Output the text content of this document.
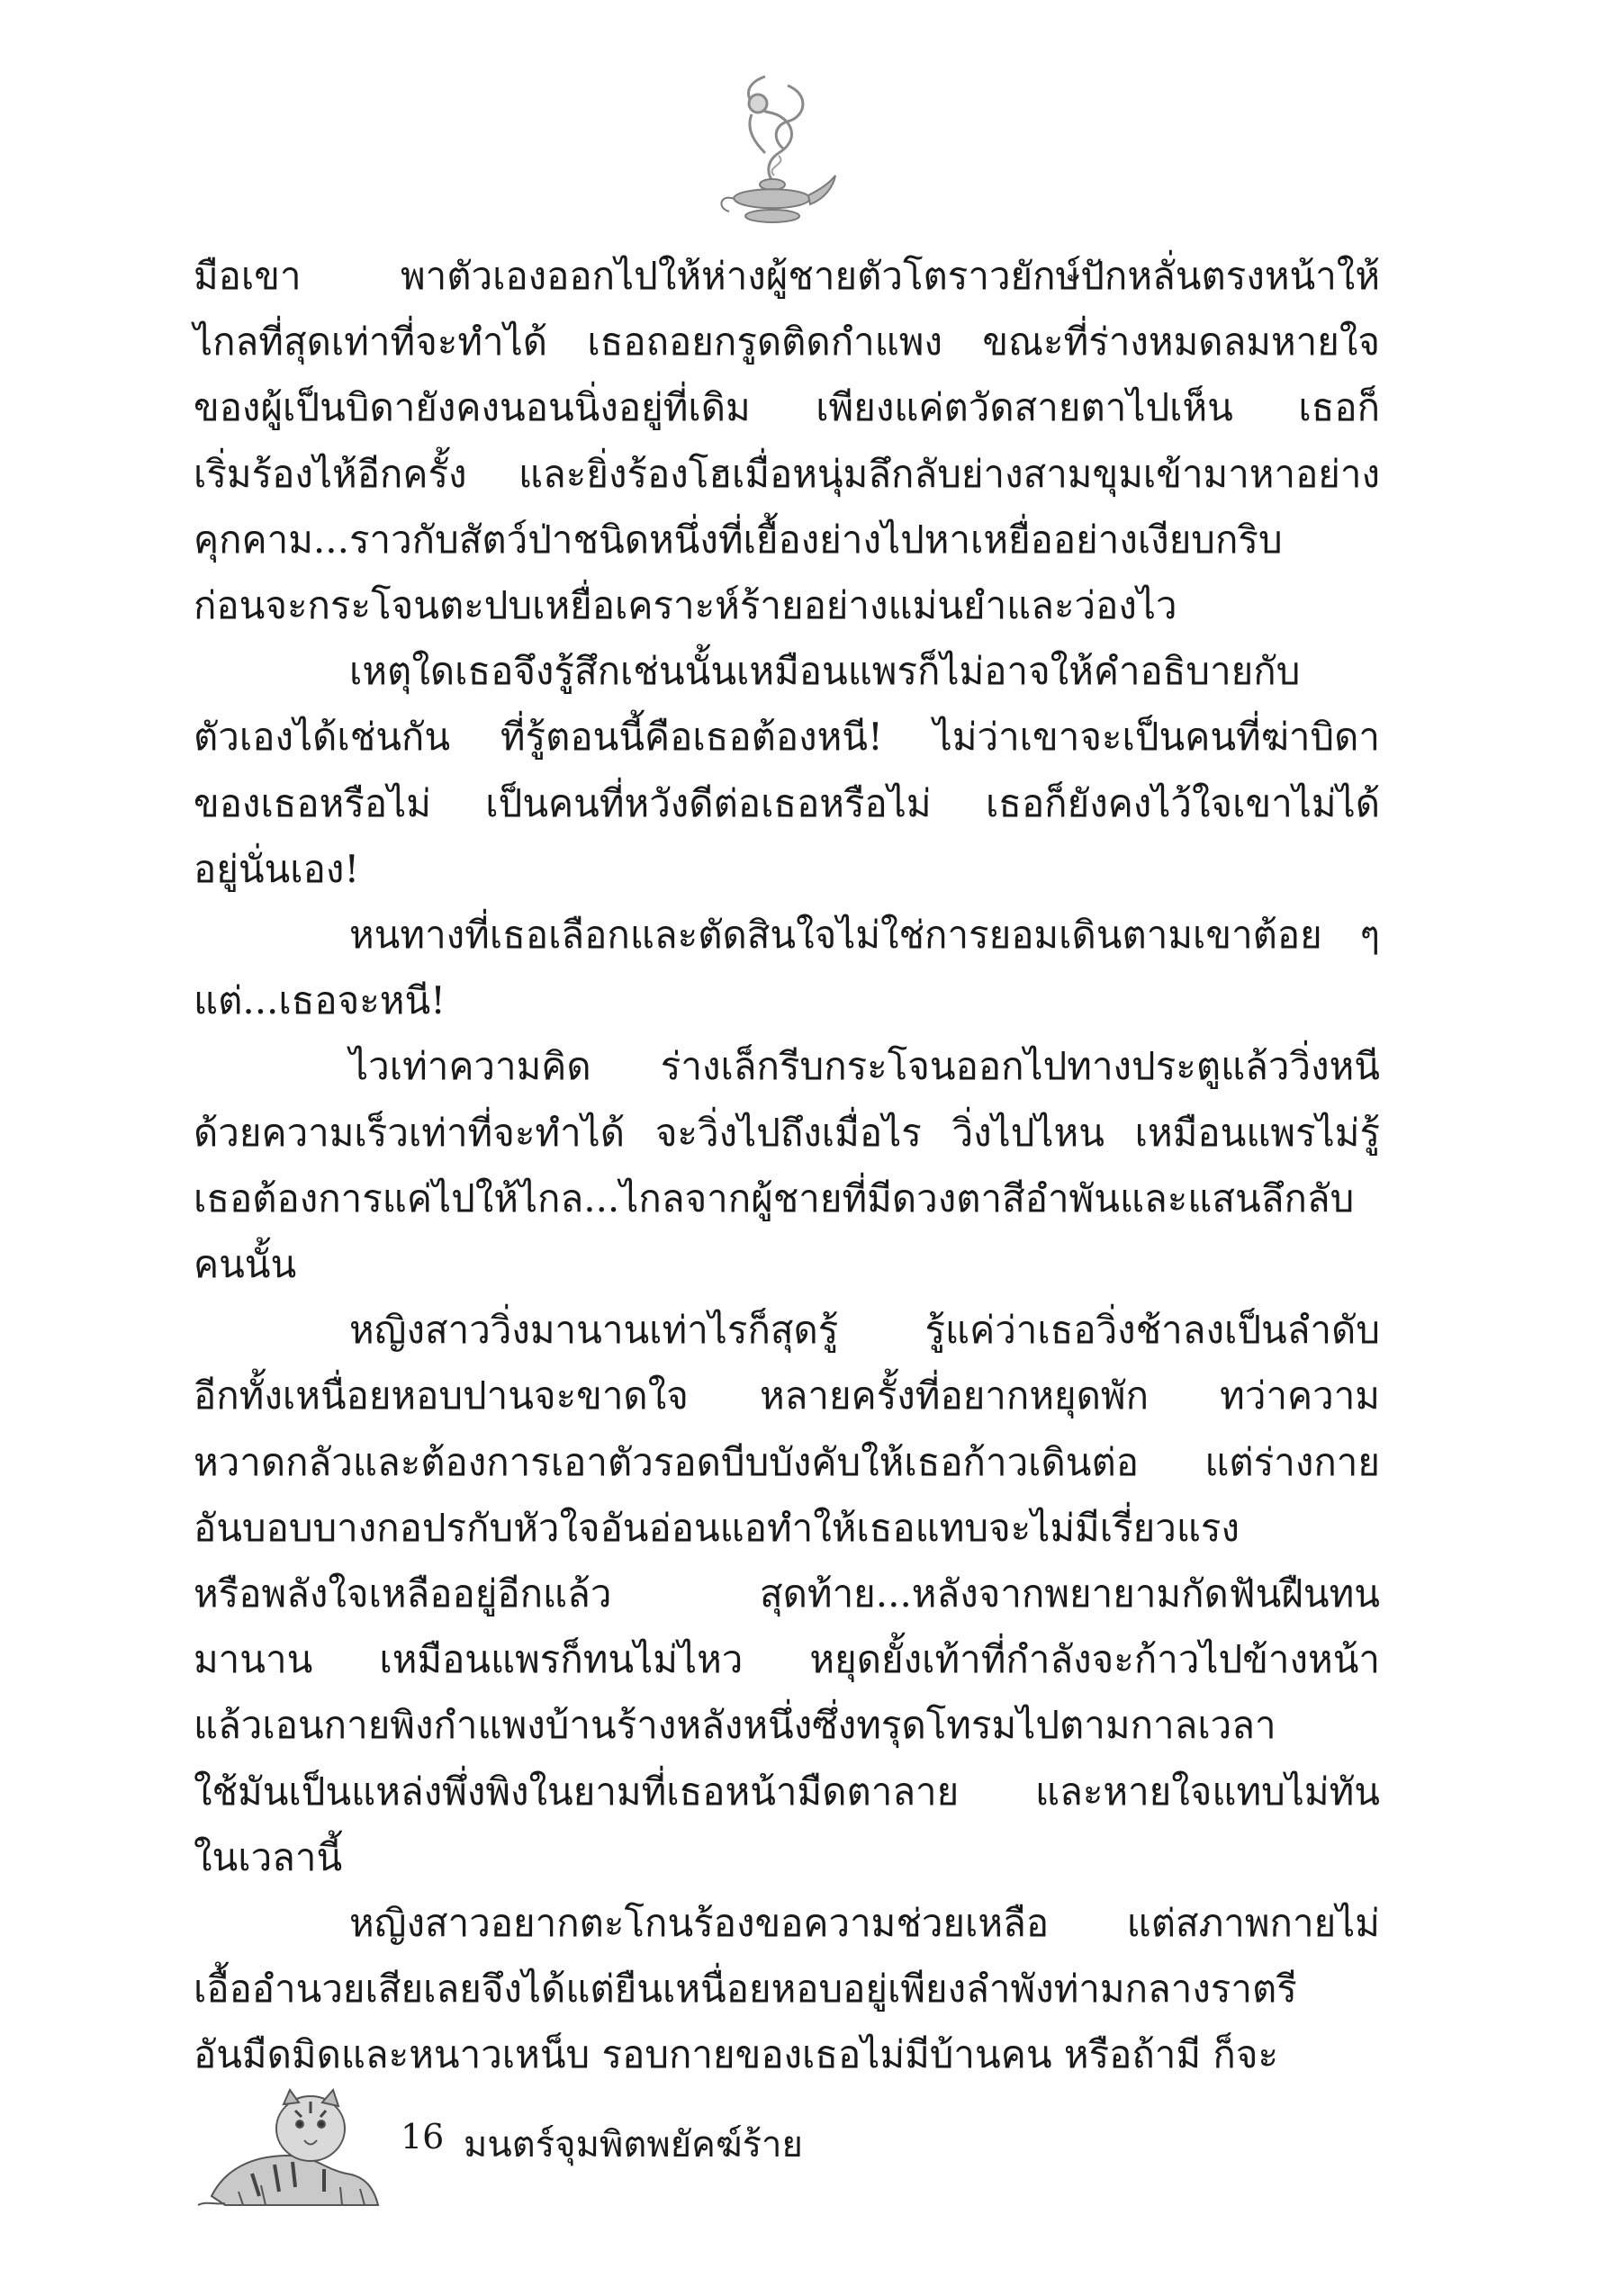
มือเขา พาตัวเองออกไปให้ห่างผู้ชายตัวโตราวยักษ์ปักหลั่นตรงหน้าให้
ไกลที่สุดเท่าที่จะทำได้ เธอถอยกรูดติดกำแพง ขณะที่ร่างหมดลมหายใจ
ของผู้เป็นบิดายังคงนอนนิ่งอยู่ที่เดิม เพียงแค่ตวัดสายตาไปเห็น เธอก็
เริ่มร้องไห้อีกครั้ง และยิ่งร้องโฮเมื่อหนุ่มลึกลับย่างสามขุมเข้ามาหาอย่าง
คุกคาม...ราวกับสัตว์ป่าชนิดหนึ่งที่เยื้องย่างไปหาเหยื่ออย่างเงียบกริบ
ก่อนจะกระโจนตะปบเหยื่อเคราะห์ร้ายอย่างแม่นยำและว่องไว
เหตุใดเธอจึงรู้สึกเช่นนั้นเหมือนแพรก็ไม่อาจให้คำอธิบายกับ
ตัวเองได้เช่นกัน ที่รู้ตอนนี้คือเธอต้องหนี! ไม่ว่าเขาจะเป็นคนที่ฆ่าบิดา
ของเธอหรือไม่ เป็นคนที่หวังดีต่อเธอหรือไม่ เธอก็ยังคงไว้ใจเขาไม่ได้
อยู่นั่นเอง!
หนทางที่เธอเลือกและตัดสินใจไม่ใช่การยอมเดินตามเขาต้อย ๆ
แต่...เธอจะหนี!
ไวเท่าความคิด ร่างเล็กรีบกระโจนออกไปทางประตูแล้ววิ่งหนี
ด้วยความเร็วเท่าที่จะทำได้ จะวิ่งไปถึงเมื่อไร วิ่งไปไหน เหมือนแพรไม่รู้
เธอต้องการแค่ไปให้ไกล...ไกลจากผู้ชายที่มีดวงตาสีอำพันและแสนลึกลับ
คนนั้น
หญิงสาววิ่งมานานเท่าไรก็สุดรู้ รู้แค่ว่าเธอวิ่งช้าลงเป็นลำดับ
อีกทั้งเหนื่อยหอบปานจะขาดใจ หลายครั้งที่อยากหยุดพัก ทว่าความ
หวาดกลัวและต้องการเอาตัวรอดบีบบังคับให้เธอก้าวเดินต่อ แต่ร่างกาย
อันบอบบางกอปรกับหัวใจอันอ่อนแอทำให้เธอแทบจะไม่มีเรี่ยวแรง
หรือพลังใจเหลืออยู่อีกแล้ว สุดท้าย...หลังจากพยายามกัดฟันฝืนทน
มานาน เหมือนแพรก็ทนไม่ไหว หยุดยั้งเท้าที่กำลังจะก้าวไปข้างหน้า
แล้วเอนกายพิงกำแพงบ้านร้างหลังหนึ่งซึ่งทรุดโทรมไปตามกาลเวลา
ใช้มันเป็นแหล่งพึ่งพิงในยามที่เธอหน้ามืดตาลาย และหายใจแทบไม่ทัน
ในเวลานี้
หญิงสาวอยากตะโกนร้องขอความช่วยเหลือ แต่สภาพกายไม่
เอื้ออำนวยเสียเลยจึงได้แต่ยืนเหนื่อยหอบอยู่เพียงลำพังท่ามกลางราตรี
อันมืดมิดและหนาวเหน็บ รอบกายของเธอไม่มีบ้านคน หรือถ้ามี ก็จะ
16 มนตร์จุมพิตพยัคฆ์ร้าย
